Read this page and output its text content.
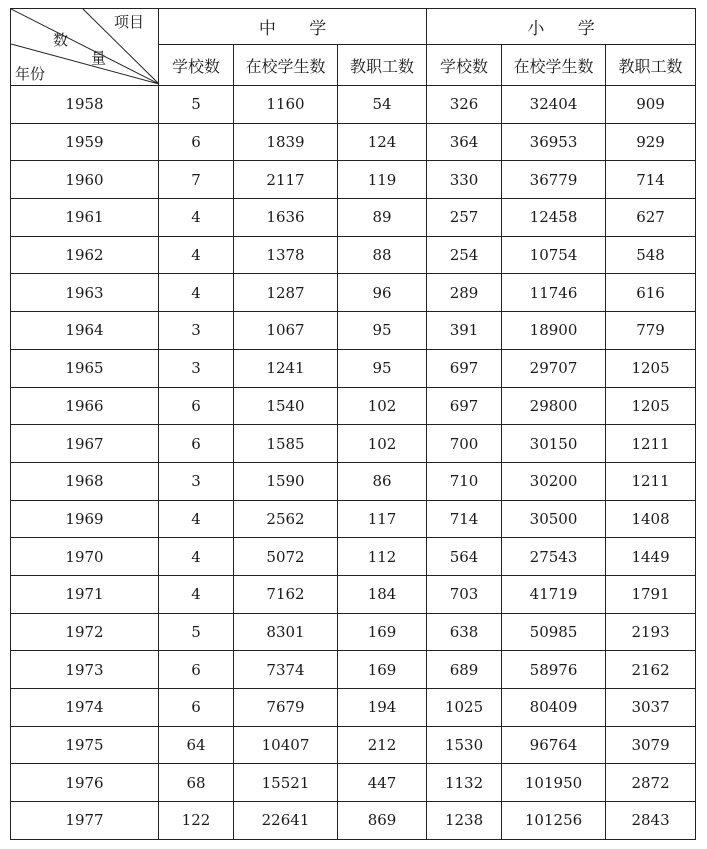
项目
数
量
年份	中 学			小 学		
	学校数	在校学生数	教职工数	学校数	在校学生数	教职工数
1958	5	1160	54	326	32404	909
1959	6	1839	124	364	36953	929
1960	7	2117	119	330	36779	714
1961	4	1636	89	257	12458	627
1962	4	1378	88	254	10754	548
1963	4	1287	96	289	11746	616
1964	3	1067	95	391	18900	779
1965	3	1241	95	697	29707	1205
1966	6	1540	102	697	29800	1205
1967	6	1585	102	700	30150	1211
1968	3	1590	86	710	30200	1211
1969	4	2562	117	714	30500	1408
1970	4	5072	112	564	27543	1449
1971	4	7162	184	703	41719	1791
1972	5	8301	169	638	50985	2193
1973	6	7374	169	689	58976	2162
1974	6	7679	194	1025	80409	3037
1975	64	10407	212	1530	96764	3079
1976	68	15521	447	1132	101950	2872
1977	122	22641	869	1238	101256	2843
